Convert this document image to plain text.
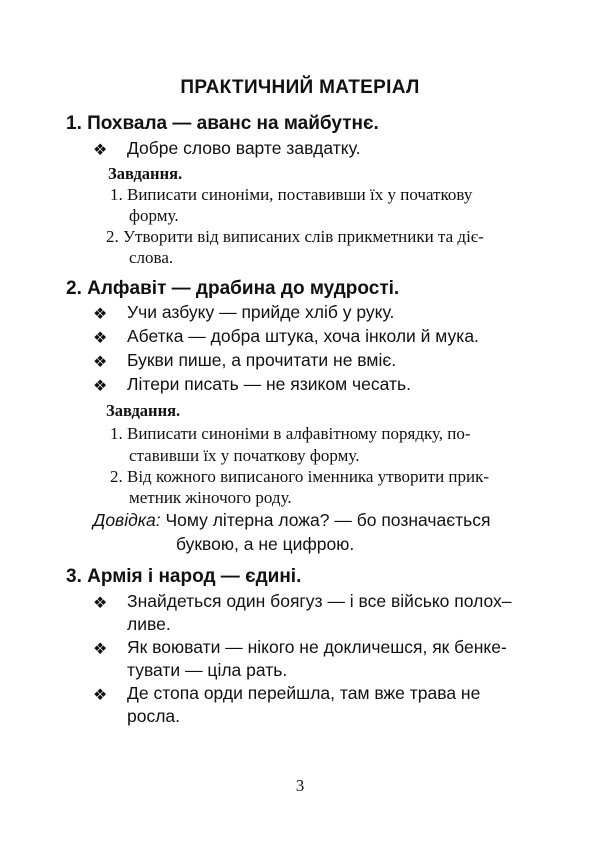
ПРАКТИЧНИЙ МАТЕРІАЛ
1. Похвала — аванс на майбутнє.
❖ Добре слово варте завдатку.
Завдання.
1. Виписати синоніми, поставивши їх у початкову
форму.
2. Утворити від виписаних слів прикметники та діє-
слова.
2. Алфавіт — драбина до мудрості.
❖ Учи азбуку — прийде хліб у руку.
❖ Абетка — добра штука, хоча інколи й мука.
❖ Букви пише, а прочитати не вміє.
❖ Літери писать — не язиком чесать.
Завдання.
1. Виписати синоніми в алфавітному порядку, по-
ставивши їх у початкову форму.
2. Від кожного виписаного іменника утворити прик-
метник жіночого роду.
Довідка: Чому літерна ложа? — бо позначається
буквою, а не цифрою.
3. Армія і народ — єдині.
❖ Знайдеться один боягуз — і все військо полох–
ливе.
❖ Як воювати — нікого не докличешся, як бенке-
тувати — ціла рать.
❖ Де стопа орди перейшла, там вже трава не
росла.
3
